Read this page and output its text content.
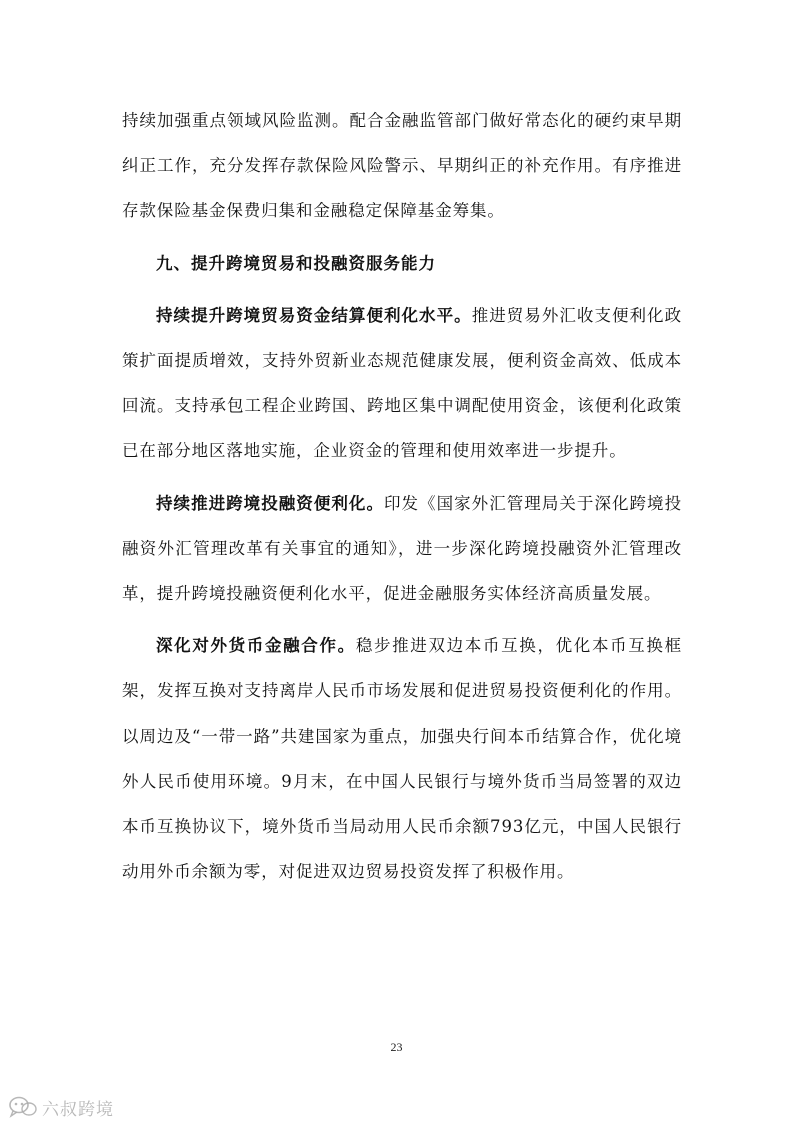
持续加强重点领域风险监测。配合金融监管部门做好常态化的硬约束早期纠正工作，充分发挥存款保险风险警示、早期纠正的补充作用。有序推进存款保险基金保费归集和金融稳定保障基金筹集。

九、提升跨境贸易和投融资服务能力

持续提升跨境贸易资金结算便利化水平。推进贸易外汇收支便利化政策扩面提质增效，支持外贸新业态规范健康发展，便利资金高效、低成本回流。支持承包工程企业跨国、跨地区集中调配使用资金，该便利化政策已在部分地区落地实施，企业资金的管理和使用效率进一步提升。

持续推进跨境投融资便利化。印发《国家外汇管理局关于深化跨境投融资外汇管理改革有关事宜的通知》，进一步深化跨境投融资外汇管理改革，提升跨境投融资便利化水平，促进金融服务实体经济高质量发展。

深化对外货币金融合作。稳步推进双边本币互换，优化本币互换框架，发挥互换对支持离岸人民币市场发展和促进贸易投资便利化的作用。以周边及“一带一路”共建国家为重点，加强央行间本币结算合作，优化境外人民币使用环境。9月末，在中国人民银行与境外货币当局签署的双边本币互换协议下，境外货币当局动用人民币余额793亿元，中国人民银行动用外币余额为零，对促进双边贸易投资发挥了积极作用。

23
六叔跨境
